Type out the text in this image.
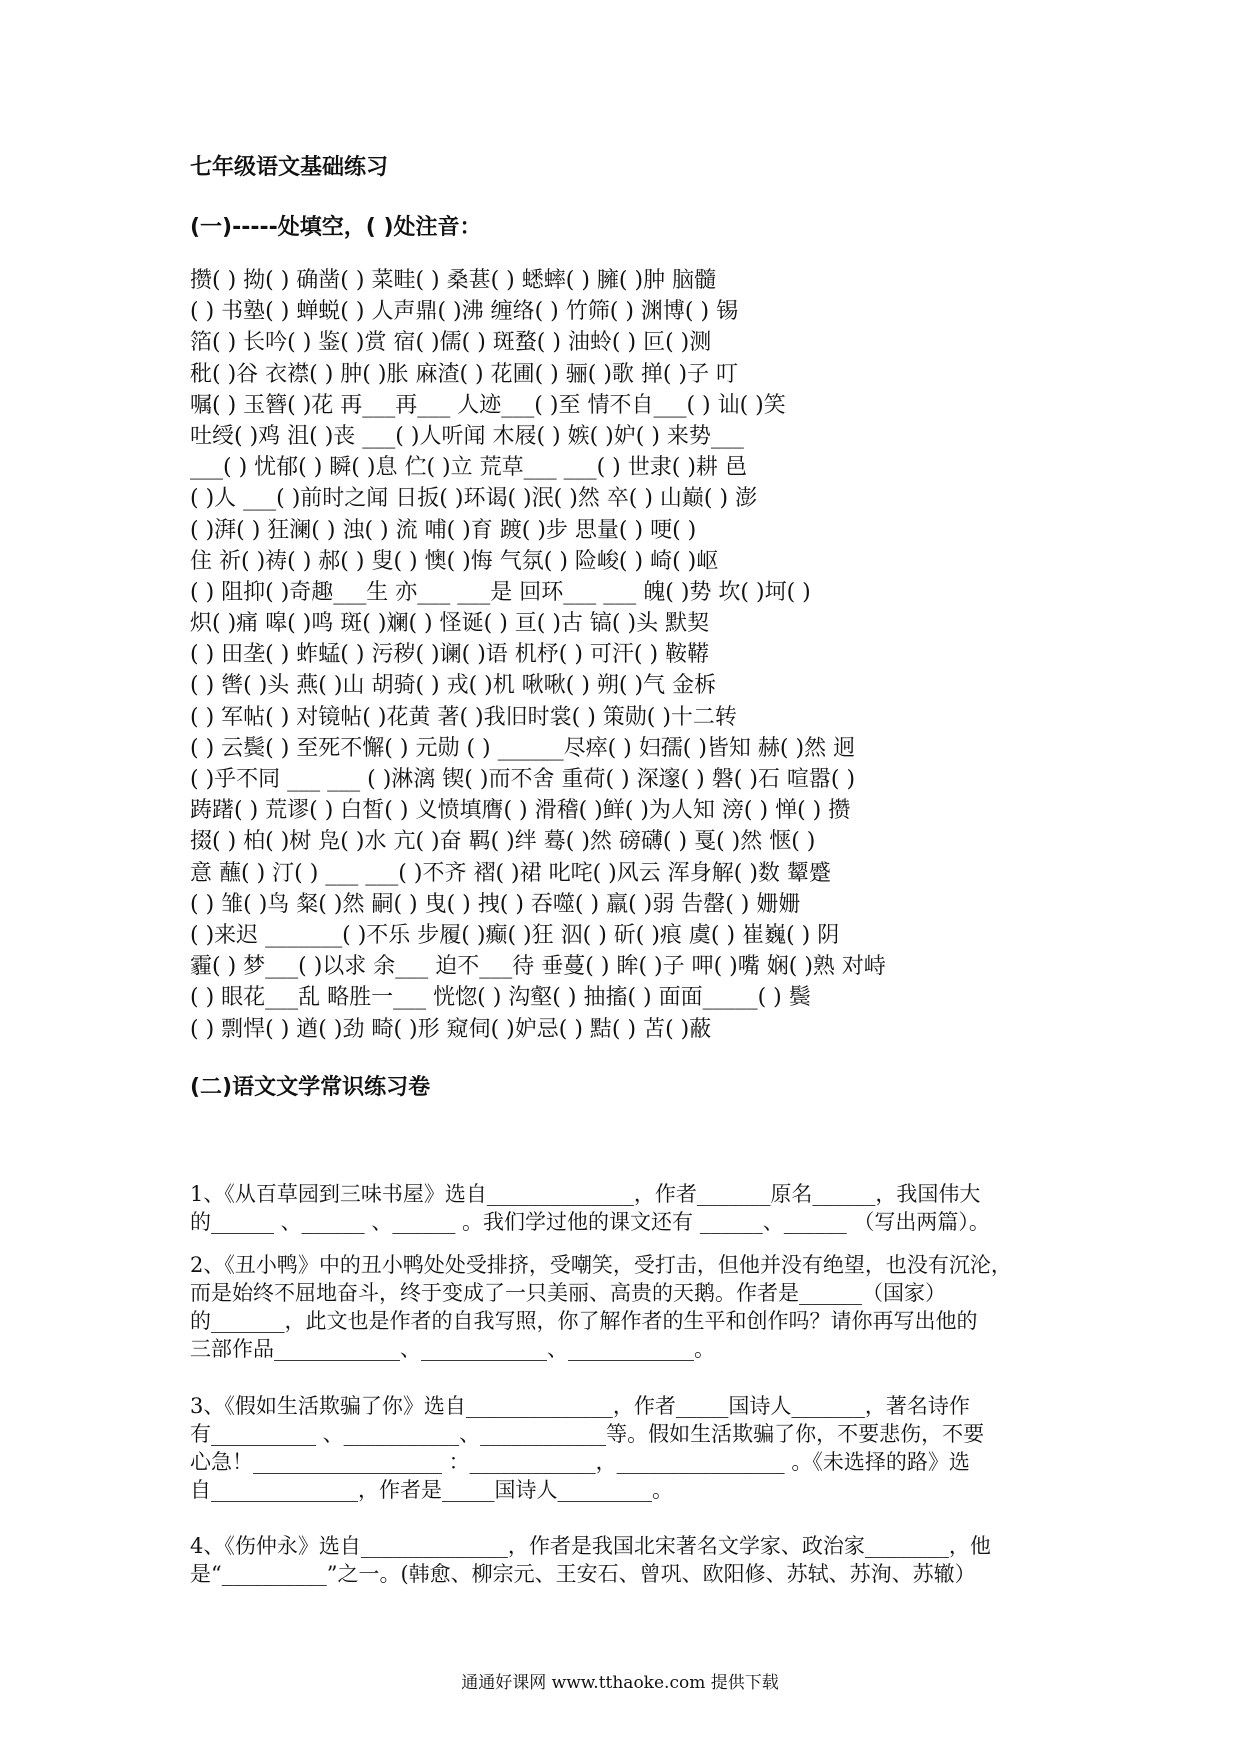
七年级语文基础练习
(一)-----处填空，( )处注音：
攒( ) 拗( ) 确凿( ) 菜畦( ) 桑葚( ) 蟋蟀( ) 臃( )肿 脑髓
( ) 书塾( ) 蝉蜕( ) 人声鼎( )沸 缠络( ) 竹筛( ) 渊博( ) 锡
箔( ) 长吟( ) 鉴( )赏 宿( )儒( ) 斑蝥( ) 油蛉( ) 叵( )测
秕( )谷 衣襟( ) 肿( )胀 麻渣( ) 花圃( ) 骊( )歌 掸( )子 叮
嘱( ) 玉簪( )花 再___再___ 人迹___( )至 情不自___( ) 讪( )笑
吐绶( )鸡 沮( )丧 ___( )人听闻 木屐( ) 嫉( )妒( ) 来势___
___( ) 忧郁( ) 瞬( )息 伫( )立 荒草___ ___( ) 世隶( )耕 邑
( )人 ___( )前时之闻 日扳( )环谒( )泯( )然 卒( ) 山巅( ) 澎
( )湃( ) 狂澜( ) 浊( ) 流 哺( )育 踱( )步 思量( ) 哽( )
住 祈( )祷( ) 郝( ) 叟( ) 懊( )悔 气氛( ) 险峻( ) 崎( )岖
( ) 阻抑( )奇趣___生 亦___ ___是 回环___ ___ 魄( )势 坎( )坷( )
炽( )痛 嗥( )鸣 斑( )斓( ) 怪诞( ) 亘( )古 镐( )头 默契
( ) 田垄( ) 蚱蜢( ) 污秽( )谰( )语 机杼( ) 可汗( ) 鞍鞯
( ) 辔( )头 燕( )山 胡骑( ) 戎( )机 啾啾( ) 朔( )气 金柝
( ) 军帖( ) 对镜帖( )花黄 著( )我旧时裳( ) 策勋( )十二转
( ) 云鬓( ) 至死不懈( ) 元勋 ( ) ______尽瘁( ) 妇孺( )皆知 赫( )然 迥
( )乎不同 ___ ___ ( )淋漓 锲( )而不舍 重荷( ) 深邃( ) 磐( )石 喧嚣( )
踌躇( ) 荒谬( ) 白皙( ) 义愤填膺( ) 滑稽( )鲜( )为人知 滂( ) 惮( ) 攒
掇( ) 柏( )树 凫( )水 亢( )奋 羁( )绊 蓦( )然 磅礴( ) 戛( )然 惬( )
意 蘸( ) 汀( ) ___ ___( )不齐 褶( )裙 叱咤( )风云 浑身解( )数 颦蹙
( ) 雏( )鸟 粲( )然 嗣( ) 曳( ) 拽( ) 吞噬( ) 羸( )弱 告罄( ) 姗姗
( )来迟 _______( )不乐 步履( )癫( )狂 泅( ) 斫( )痕 虞( ) 崔巍( ) 阴
霾( ) 梦___( )以求 余___ 迫不___待 垂蔓( ) 眸( )子 呷( )嘴 娴( )熟 对峙
( ) 眼花___乱 略胜一___ 恍惚( ) 沟壑( ) 抽搐( ) 面面_____( ) 鬓
( ) 剽悍( ) 遒( )劲 畸( )形 窥伺( )妒忌( ) 黠( ) 苫( )蔽
(二)语文文学常识练习卷
1、《从百草园到三味书屋》选自______________，作者_______原名______，我国伟大
的______ 、______ 、______ 。我们学过他的课文还有 ______、______ （写出两篇）。
2、《丑小鸭》中的丑小鸭处处受排挤，受嘲笑，受打击，但他并没有绝望，也没有沉沦，
而是始终不屈地奋斗，终于变成了一只美丽、高贵的天鹅。作者是______（国家）
的_______，此文也是作者的自我写照，你了解作者的生平和创作吗？请你再写出他的
三部作品____________、____________、____________。
3、《假如生活欺骗了你》选自______________，作者_____国诗人_______，著名诗作
有__________ 、___________、____________等。假如生活欺骗了你，不要悲伤，不要
心急！__________________ ：____________，________________ 。《未选择的路》选
自______________，作者是_____国诗人_________。
4、《伤仲永》选自______________，作者是我国北宋著名文学家、政治家________，他
是“__________”之一。(韩愈、柳宗元、王安石、曾巩、欧阳修、苏轼、苏洵、苏辙）
通通好课网 www.tthaoke.com 提供下载
